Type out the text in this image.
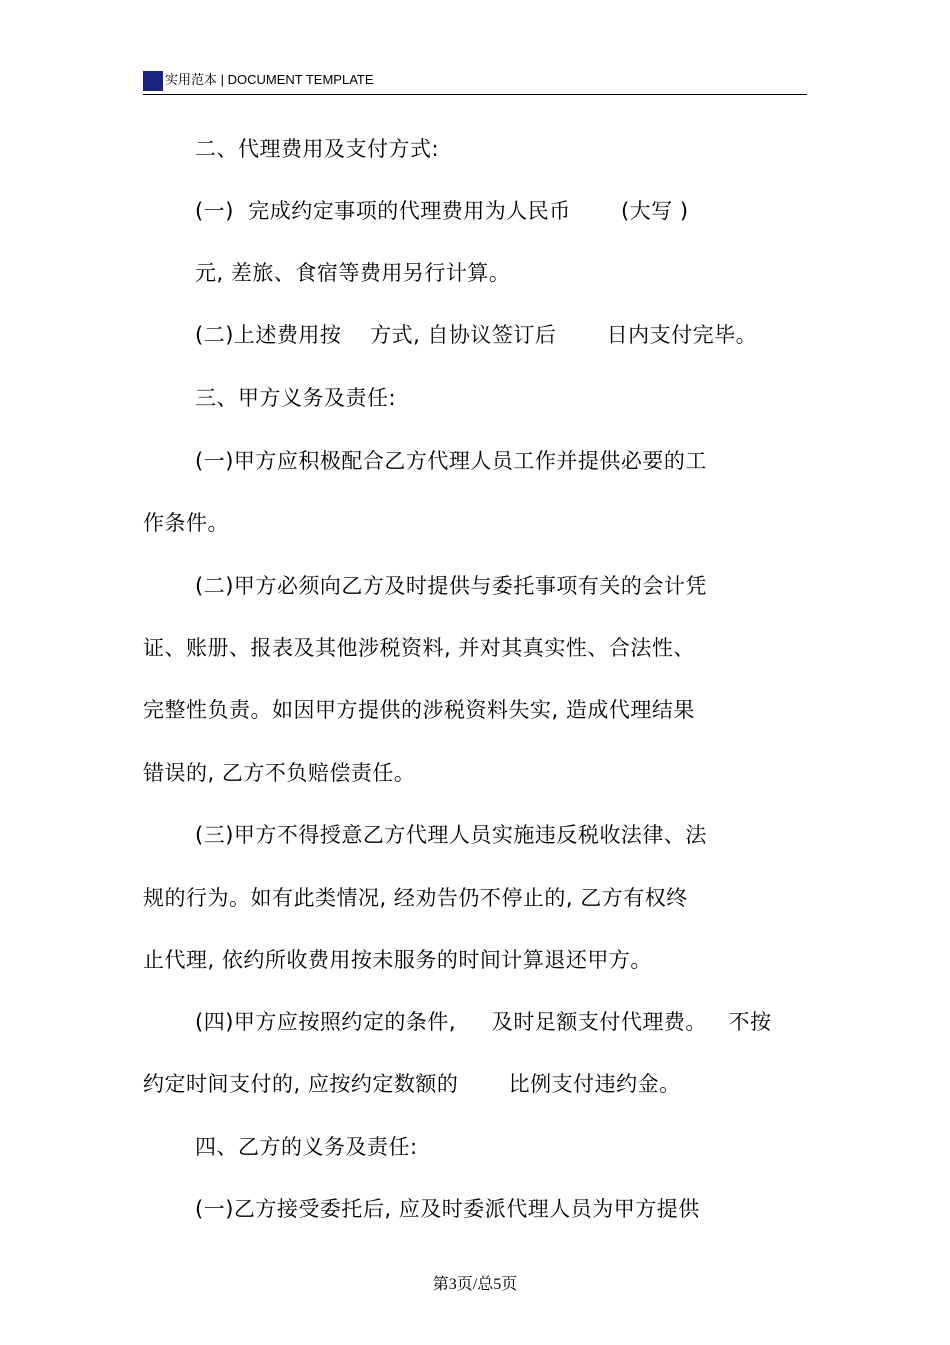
实用范本 | DOCUMENT TEMPLATE
二、代理费用及支付方式:
(一)  完成约定事项的代理费用为人民币       (大写 )
元, 差旅、食宿等费用另行计算。
(二)上述费用按    方式, 自协议签订后       日内支付完毕。
三、甲方义务及责任:
(一)甲方应积极配合乙方代理人员工作并提供必要的工
作条件。
(二)甲方必须向乙方及时提供与委托事项有关的会计凭
证、账册、报表及其他涉税资料, 并对其真实性、合法性、
完整性负责。如因甲方提供的涉税资料失实, 造成代理结果
错误的, 乙方不负赔偿责任。
(三)甲方不得授意乙方代理人员实施违反税收法律、法
规的行为。如有此类情况, 经劝告仍不停止的, 乙方有权终
止代理, 依约所收费用按未服务的时间计算退还甲方。
(四)甲方应按照约定的条件,     及时足额支付代理费。   不按
约定时间支付的, 应按约定数额的       比例支付违约金。
四、乙方的义务及责任:
(一)乙方接受委托后, 应及时委派代理人员为甲方提供
第3页/总5页
